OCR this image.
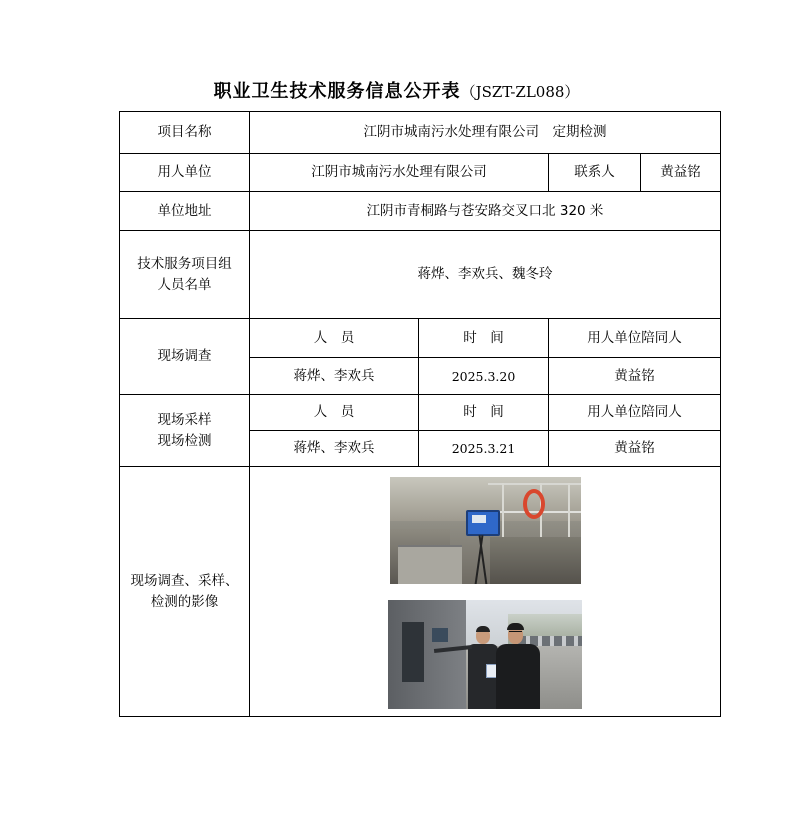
职业卫生技术服务信息公开表（JSZT-ZL088）
项目名称	江阴市城南污水处理有限公司　定期检测			
用人单位	江阴市城南污水处理有限公司		联系人	黄益铭
单位地址	江阴市青桐路与苍安路交叉口北 320 米			

技术服务项目组人员名单	蒋烨、李欢兵、魏冬玲			
现场调查	人　员	时　间	用人单位陪同人	
	蒋烨、李欢兵	2025.3.20	黄益铭	

现场采样现场检测	人　员	时　间	用人单位陪同人	
	蒋烨、李欢兵	2025.3.21	黄益铭	

现场调查、采样、检测的影像				
